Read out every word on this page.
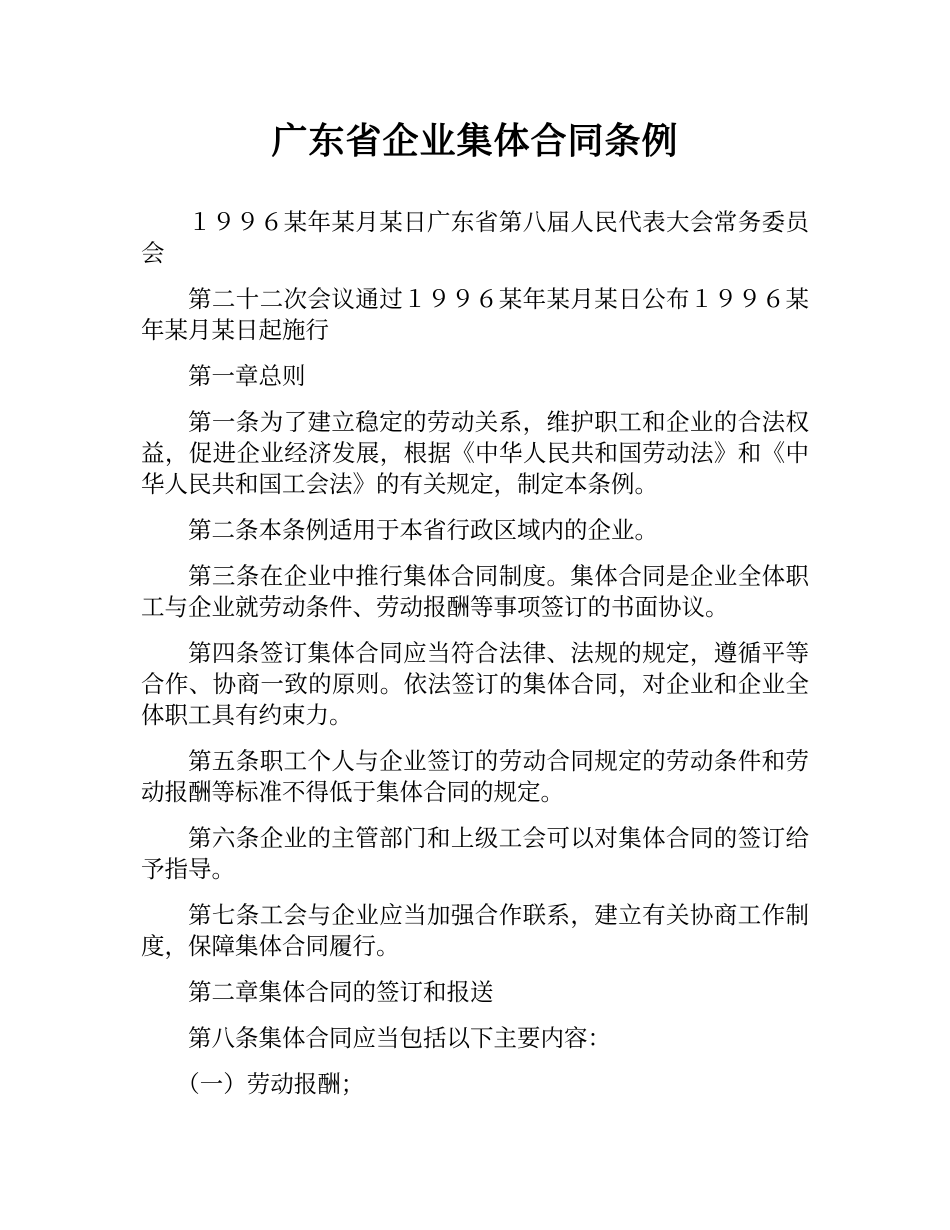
广东省企业集体合同条例

１９９６某年某月某日广东省第八届人民代表大会常务委员会

第二十二次会议通过１９９６某年某月某日公布１９９６某年某月某日起施行

第一章总则

第一条为了建立稳定的劳动关系，维护职工和企业的合法权益，促进企业经济发展，根据《中华人民共和国劳动法》和《中华人民共和国工会法》的有关规定，制定本条例。

第二条本条例适用于本省行政区域内的企业。

第三条在企业中推行集体合同制度。集体合同是企业全体职工与企业就劳动条件、劳动报酬等事项签订的书面协议。

第四条签订集体合同应当符合法律、法规的规定，遵循平等合作、协商一致的原则。依法签订的集体合同，对企业和企业全体职工具有约束力。

第五条职工个人与企业签订的劳动合同规定的劳动条件和劳动报酬等标准不得低于集体合同的规定。

第六条企业的主管部门和上级工会可以对集体合同的签订给予指导。

第七条工会与企业应当加强合作联系，建立有关协商工作制度，保障集体合同履行。

第二章集体合同的签订和报送

第八条集体合同应当包括以下主要内容：

（一）劳动报酬；
